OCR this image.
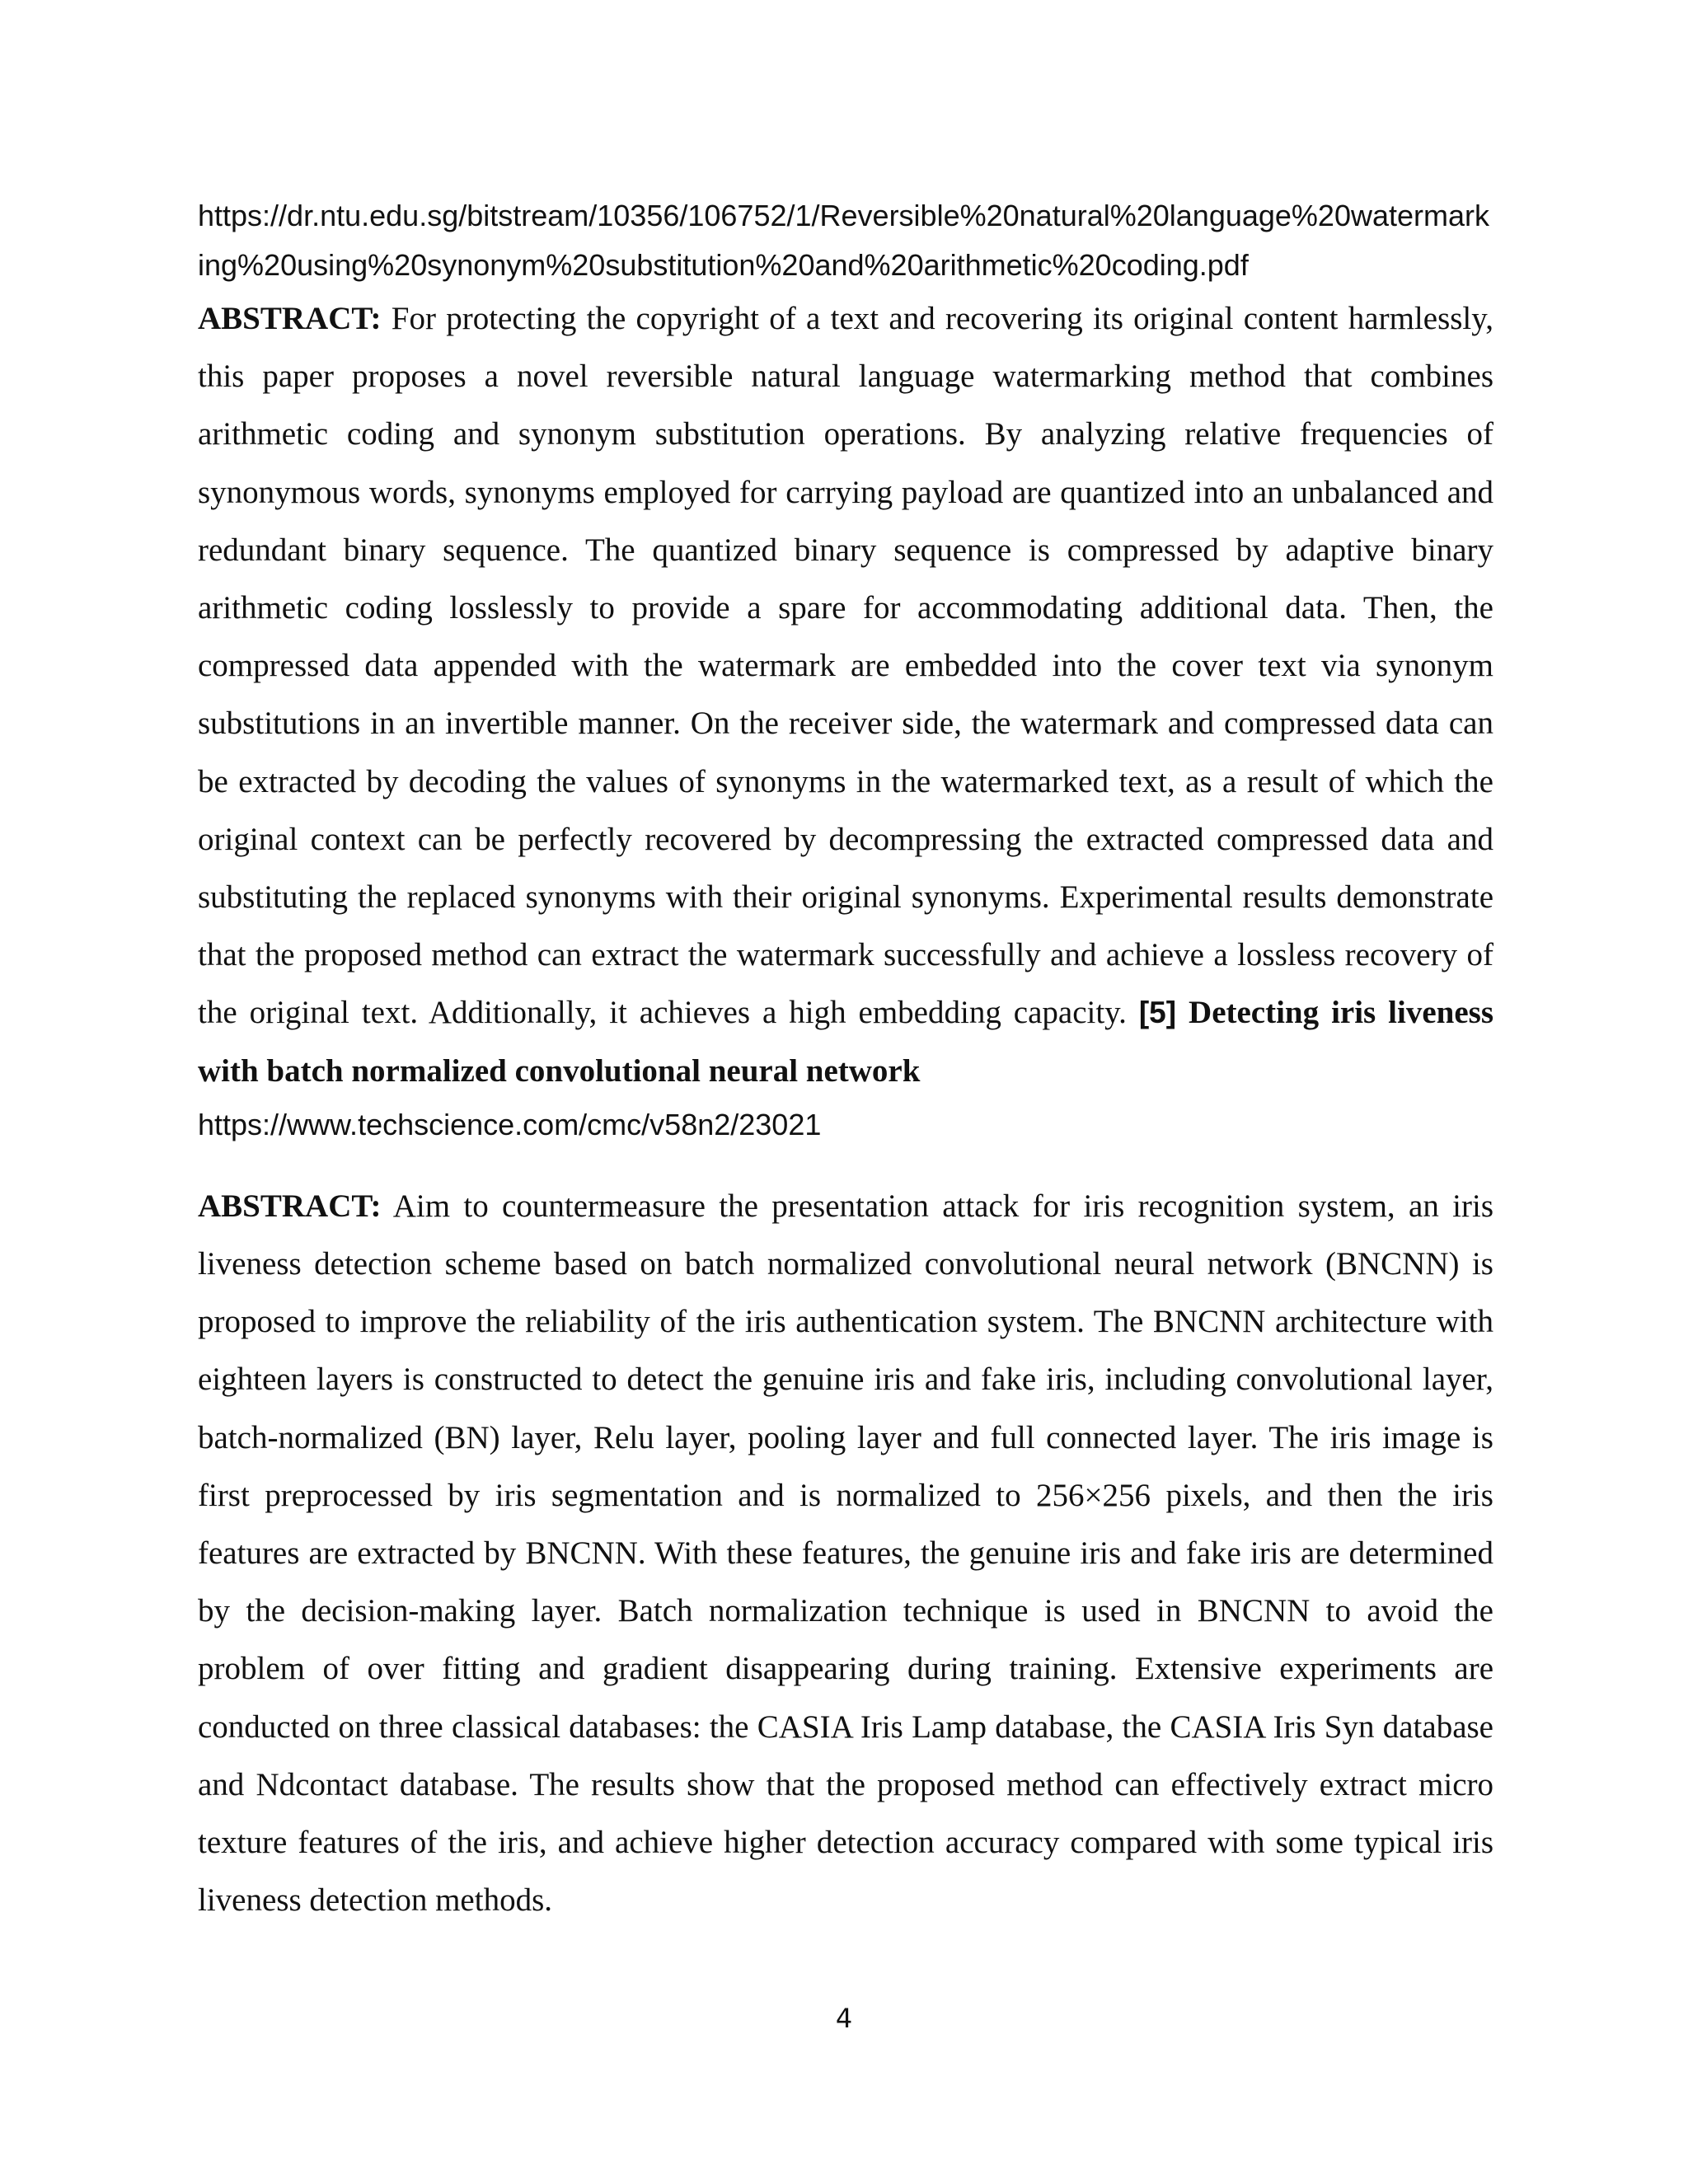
https://dr.ntu.edu.sg/bitstream/10356/106752/1/Reversible%20natural%20language%20watermarking%20using%20synonym%20substitution%20and%20arithmetic%20coding.pdf

ABSTRACT: For protecting the copyright of a text and recovering its original content harmlessly, this paper proposes a novel reversible natural language watermarking method that combines arithmetic coding and synonym substitution operations. By analyzing relative frequencies of synonymous words, synonyms employed for carrying payload are quantized into an unbalanced and redundant binary sequence. The quantized binary sequence is compressed by adaptive binary arithmetic coding losslessly to provide a spare for accommodating additional data. Then, the compressed data appended with the watermark are embedded into the cover text via synonym substitutions in an invertible manner. On the receiver side, the watermark and compressed data can be extracted by decoding the values of synonyms in the watermarked text, as a result of which the original context can be perfectly recovered by decompressing the extracted compressed data and substituting the replaced synonyms with their original synonyms. Experimental results demonstrate that the proposed method can extract the watermark successfully and achieve a lossless recovery of the original text. Additionally, it achieves a high embedding capacity. [5] Detecting iris liveness with batch normalized convolutional neural network

https://www.techscience.com/cmc/v58n2/23021

ABSTRACT: Aim to countermeasure the presentation attack for iris recognition system, an iris liveness detection scheme based on batch normalized convolutional neural network (BNCNN) is proposed to improve the reliability of the iris authentication system. The BNCNN architecture with eighteen layers is constructed to detect the genuine iris and fake iris, including convolutional layer, batch-normalized (BN) layer, Relu layer, pooling layer and full connected layer. The iris image is first preprocessed by iris segmentation and is normalized to 256×256 pixels, and then the iris features are extracted by BNCNN. With these features, the genuine iris and fake iris are determined by the decision-making layer. Batch normalization technique is used in BNCNN to avoid the problem of over fitting and gradient disappearing during training. Extensive experiments are conducted on three classical databases: the CASIA Iris Lamp database, the CASIA Iris Syn database and Ndcontact database. The results show that the proposed method can effectively extract micro texture features of the iris, and achieve higher detection accuracy compared with some typical iris liveness detection methods.

4
